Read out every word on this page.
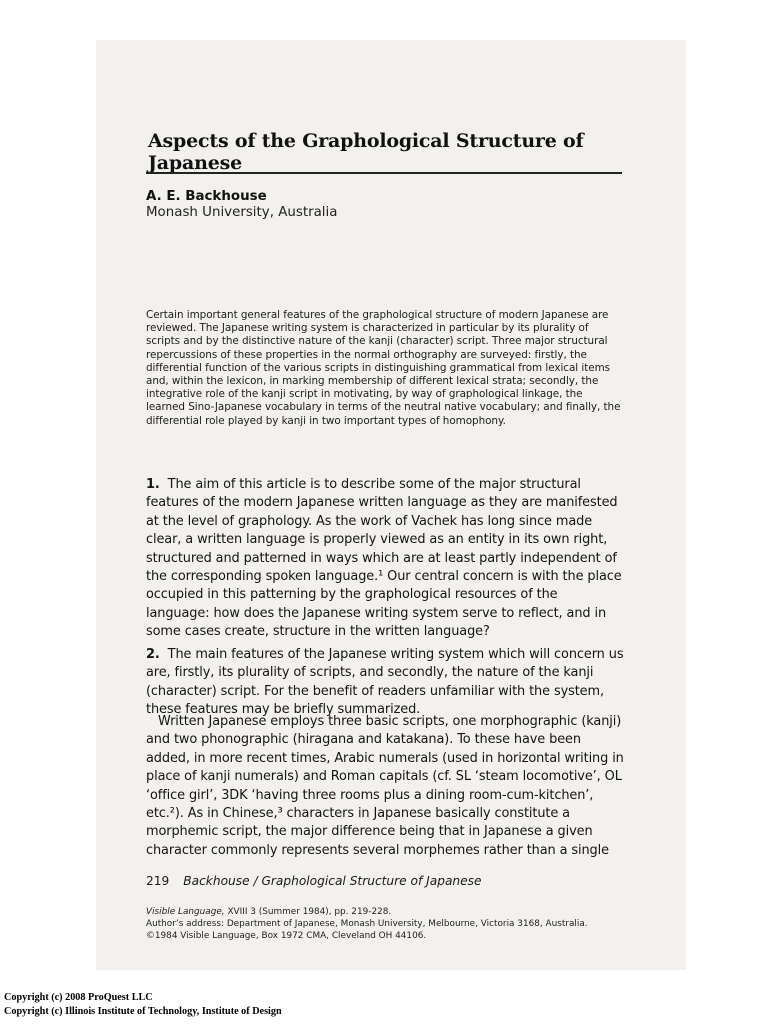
Aspects of the Graphological Structure of Japanese
A. E. Backhouse
Monash University, Australia

Certain important general features of the graphological structure of modern Japanese are reviewed. The Japanese writing system is characterized in particular by its plurality of scripts and by the distinctive nature of the kanji (character) script. Three major structural repercussions of these properties in the normal orthography are surveyed: firstly, the differential function of the various scripts in distinguishing grammatical from lexical items and, within the lexicon, in marking membership of different lexical strata; secondly, the integrative role of the kanji script in motivating, by way of graphological linkage, the learned Sino-Japanese vocabulary in terms of the neutral native vocabulary; and finally, the differential role played by kanji in two important types of homophony.

1. The aim of this article is to describe some of the major structural features of the modern Japanese written language as they are manifested at the level of graphology. As the work of Vachek has long since made clear, a written language is properly viewed as an entity in its own right, structured and patterned in ways which are at least partly independent of the corresponding spoken language.¹ Our central concern is with the place occupied in this patterning by the graphological resources of the language: how does the Japanese writing system serve to reflect, and in some cases create, structure in the written language?

2. The main features of the Japanese writing system which will concern us are, firstly, its plurality of scripts, and secondly, the nature of the kanji (character) script. For the benefit of readers unfamiliar with the system, these features may be briefly summarized.

Written Japanese employs three basic scripts, one morphographic (kanji) and two phonographic (hiragana and katakana). To these have been added, in more recent times, Arabic numerals (used in horizontal writing in place of kanji numerals) and Roman capitals (cf. SL ‘steam locomotive’, OL ‘office girl’, 3DK ‘having three rooms plus a dining room-cum-kitchen’, etc.²). As in Chinese,³ characters in Japanese basically constitute a morphemic script, the major difference being that in Japanese a given character commonly represents several morphemes rather than a single

219 Backhouse / Graphological Structure of Japanese
Visible Language, XVIII 3 (Summer 1984), pp. 219-228.
Author’s address: Department of Japanese, Monash University, Melbourne, Victoria 3168, Australia.
©1984 Visible Language, Box 1972 CMA, Cleveland OH 44106.
Copyright (c) 2008 ProQuest LLC
Copyright (c) Illinois Institute of Technology, Institute of Design
